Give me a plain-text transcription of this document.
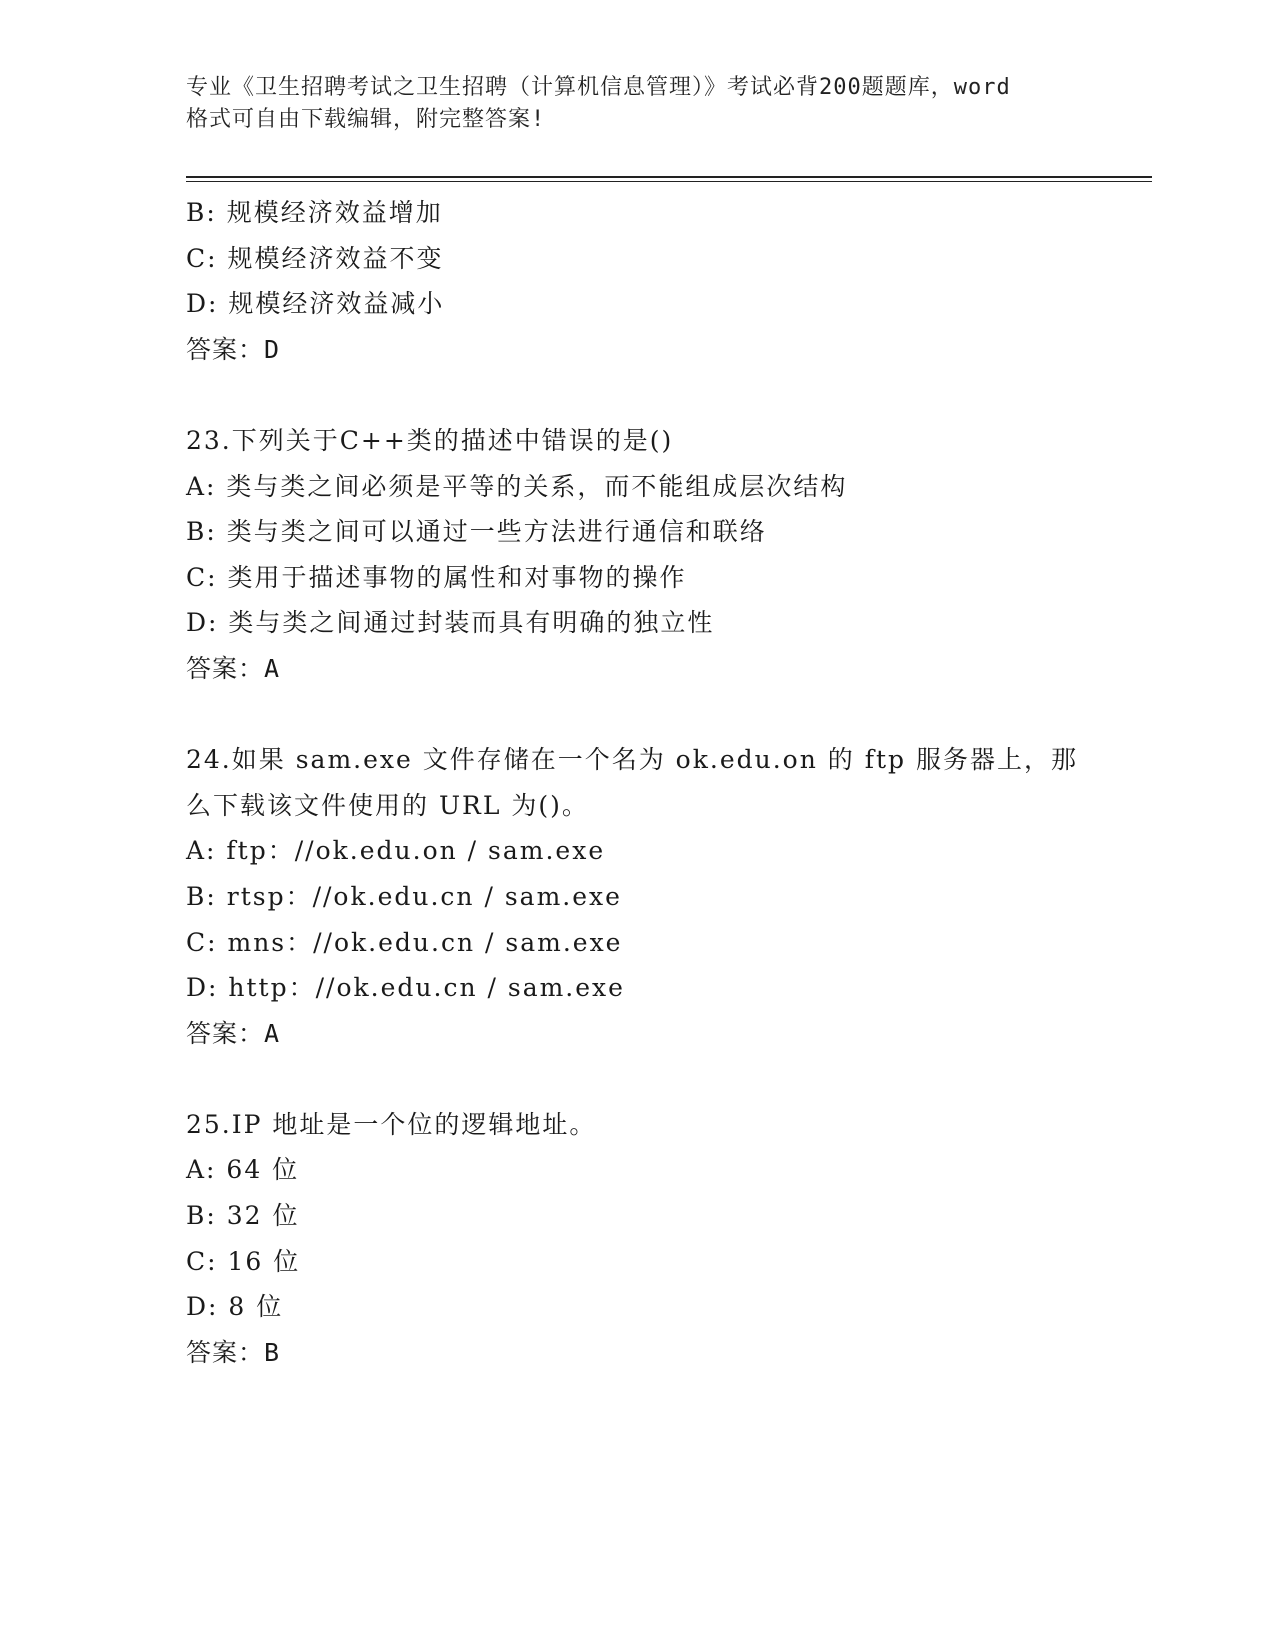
专业《卫生招聘考试之卫生招聘（计算机信息管理）》考试必背200题题库，word
格式可自由下载编辑，附完整答案!
B: 规模经济效益增加
C: 规模经济效益不变
D: 规模经济效益减小
答案：D
23.下列关于C++类的描述中错误的是()
A: 类与类之间必须是平等的关系，而不能组成层次结构
B: 类与类之间可以通过一些方法进行通信和联络
C: 类用于描述事物的属性和对事物的操作
D: 类与类之间通过封装而具有明确的独立性
答案：A
24.如果 sam.exe 文件存储在一个名为 ok.edu.on 的 ftp 服务器上，那
么下载该文件使用的 URL 为()。
A: ftp：//ok.edu.on / sam.exe
B: rtsp：//ok.edu.cn / sam.exe
C: mns：//ok.edu.cn / sam.exe
D: http：//ok.edu.cn / sam.exe
答案：A
25.IP 地址是一个位的逻辑地址。
A: 64 位
B: 32 位
C: 16 位
D: 8 位
答案：B
